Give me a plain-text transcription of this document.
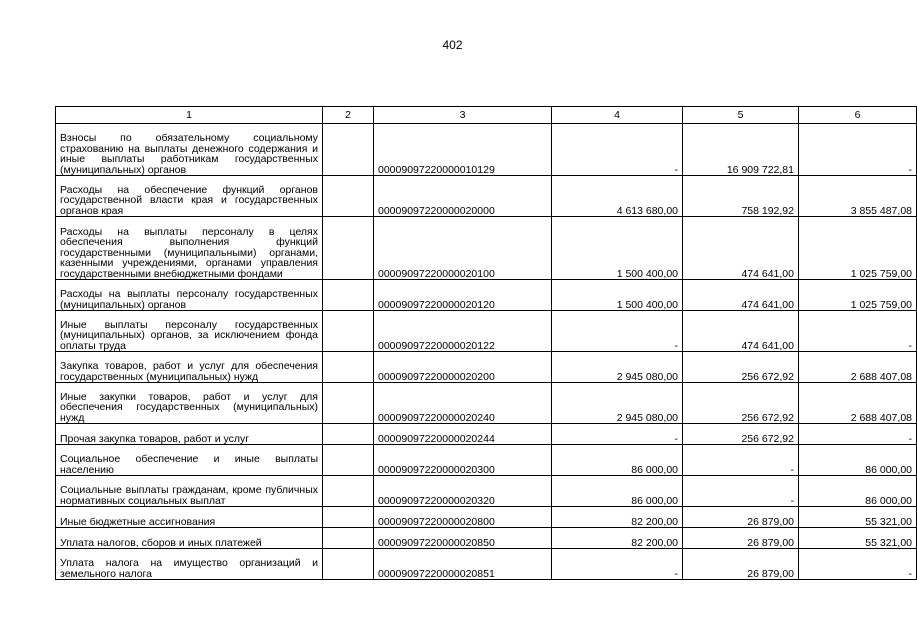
402
1	2	3	4	5	6
Взносы по обязательному социальному страхованию на выплаты денежного содержания и иные выплаты работникам государственных (муниципальных) органов		00009097220000010129	-	16 909 722,81	-
Расходы на обеспечение функций органов государственной власти края и государственных органов края		00009097220000020000	4 613 680,00	758 192,92	3 855 487,08
Расходы на выплаты персоналу в целях обеспечения выполнения функций государственными (муниципальными) органами, казенными учреждениями, органами управления государственными внебюджетными фондами		00009097220000020100	1 500 400,00	474 641,00	1 025 759,00
Расходы на выплаты персоналу государственных (муниципальных) органов		00009097220000020120	1 500 400,00	474 641,00	1 025 759,00
Иные выплаты персоналу государственных (муниципальных) органов, за исключением фонда оплаты труда		00009097220000020122	-	474 641,00	-
Закупка товаров, работ и услуг для обеспечения государственных (муниципальных) нужд		00009097220000020200	2 945 080,00	256 672,92	2 688 407,08
Иные закупки товаров, работ и услуг для обеспечения государственных (муниципальных) нужд		00009097220000020240	2 945 080,00	256 672,92	2 688 407,08
Прочая закупка товаров, работ и услуг		00009097220000020244	-	256 672,92	-
Социальное обеспечение и иные выплаты населению		00009097220000020300	86 000,00	-	86 000,00
Социальные выплаты гражданам, кроме публичных нормативных социальных выплат		00009097220000020320	86 000,00	-	86 000,00
Иные бюджетные ассигнования		00009097220000020800	82 200,00	26 879,00	55 321,00
Уплата налогов, сборов и иных платежей		00009097220000020850	82 200,00	26 879,00	55 321,00
Уплата налога на имущество организаций и земельного налога		00009097220000020851	-	26 879,00	-
